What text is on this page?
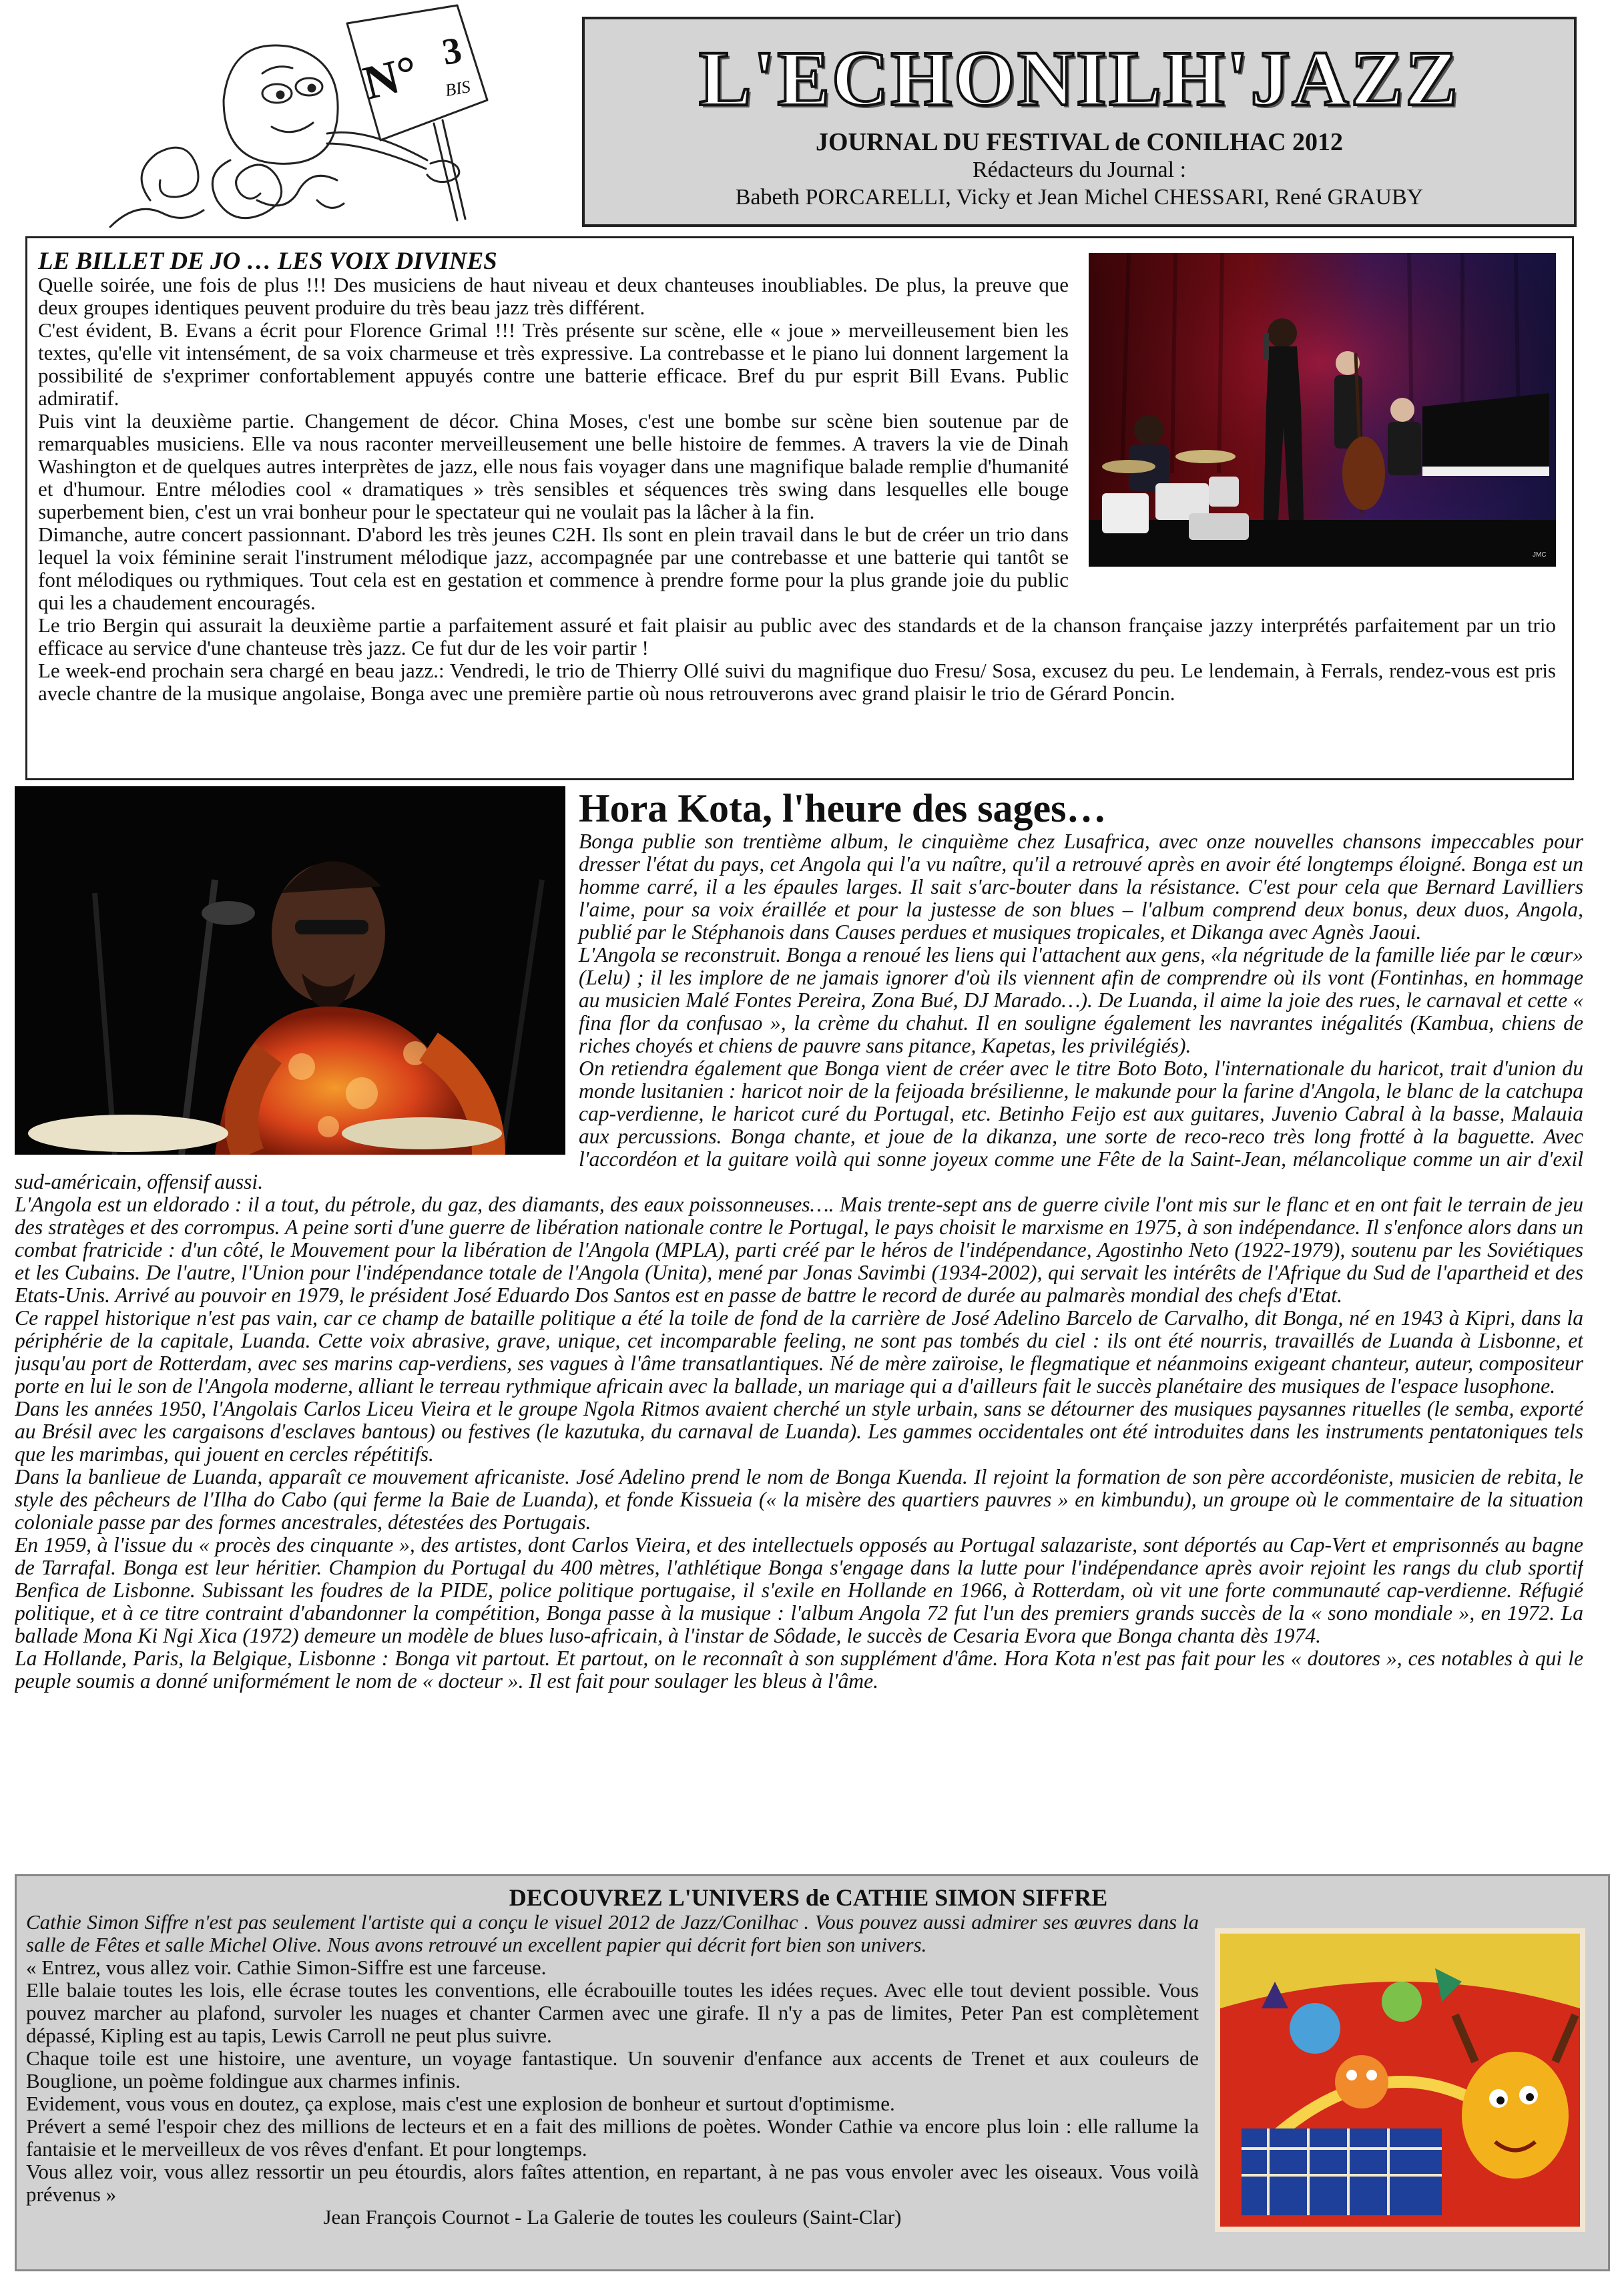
N° 3
BIS	L'ECHONILH'JAZZ
JOURNAL DU FESTIVAL de CONILHAC 2012
Rédacteurs du Journal :
Babeth PORCARELLI, Vicky et Jean Michel CHESSARI, René GRAUBY
JMC
LE BILLET DE JO … LES VOIX DIVINES

Quelle soirée, une fois de plus !!! Des musiciens de haut niveau et deux chanteuses inoubliables. De plus, la preuve que deux groupes identiques peuvent produire du très beau jazz très différent.

C'est évident, B. Evans a écrit pour Florence Grimal !!! Très présente sur scène, elle « joue » merveilleusement bien les textes, qu'elle vit intensément, de sa voix charmeuse et très expressive. La contrebasse et le piano lui donnent largement la possibilité de s'exprimer confortablement appuyés contre une batterie efficace. Bref du pur esprit Bill Evans. Public admiratif.

Puis vint la deuxième partie. Changement de décor. China Moses, c'est une bombe sur scène bien soutenue par de remarquables musiciens. Elle va nous raconter merveilleusement une belle histoire de femmes. A travers la vie de Dinah Washington et de quelques autres interprètes de jazz, elle nous fais voyager dans une magnifique balade remplie d'humanité et d'humour. Entre mélodies cool « dramatiques » très sensibles et séquences très swing dans lesquelles elle bouge superbement bien, c'est un vrai bonheur pour le spectateur qui ne voulait pas la lâcher à la fin.

Dimanche, autre concert passionnant. D'abord les très jeunes C2H. Ils sont en plein travail dans le but de créer un trio dans lequel la voix féminine serait l'instrument mélodique jazz, accompagnée par une contrebasse et une batterie qui tantôt se font mélodiques ou rythmiques. Tout cela est en gestation et commence à prendre forme pour la plus grande joie du public qui les a chaudement encouragés.

Le trio Bergin qui assurait la deuxième partie a parfaitement assuré et fait plaisir au public avec des standards et de la chanson française jazzy interprétés parfaitement par un trio efficace au service d'une chanteuse très jazz. Ce fut dur de les voir partir !

Le week-end prochain sera chargé en beau jazz.: Vendredi, le trio de Thierry Ollé suivi du magnifique duo Fresu/ Sosa, excusez du peu. Le lendemain, à Ferrals, rendez-vous est pris avecle chantre de la musique angolaise, Bonga avec une première partie où nous retrouverons avec grand plaisir le trio de Gérard Poncin.

Hora Kota, l'heure des sages…

Bonga publie son trentième album, le cinquième chez Lusafrica, avec onze nouvelles chansons impeccables pour dresser l'état du pays, cet Angola qui l'a vu naître, qu'il a retrouvé après en avoir été longtemps éloigné. Bonga est un homme carré, il a les épaules larges. Il sait s'arc-bouter dans la résistance. C'est pour cela que Bernard Lavilliers l'aime, pour sa voix éraillée et pour la justesse de son blues – l'album comprend deux bonus, deux duos, Angola, publié par le Stéphanois dans Causes perdues et musiques tropicales, et Dikanga avec Agnès Jaoui.

L'Angola se reconstruit. Bonga a renoué les liens qui l'attachent aux gens, «la négritude de la famille liée par le cœur» (Lelu) ; il les implore de ne jamais ignorer d'où ils viennent afin de comprendre où ils vont (Fontinhas, en hommage au musicien Malé Fontes Pereira, Zona Bué, DJ Marado…). De Luanda, il aime la joie des rues, le carnaval et cette « fina flor da confusao », la crème du chahut. Il en souligne également les navrantes inégalités (Kambua, chiens de riches choyés et chiens de pauvre sans pitance, Kapetas, les privilégiés).

On retiendra également que Bonga vient de créer avec le titre Boto Boto, l'internationale du haricot, trait d'union du monde lusitanien : haricot noir de la feijoada brésilienne, le makunde pour la farine d'Angola, le blanc de la catchupa cap-verdienne, le haricot curé du Portugal, etc. Betinho Feijo est aux guitares, Juvenio Cabral à la basse, Malauia aux percussions. Bonga chante, et joue de la dikanza, une sorte de reco-reco très long frotté à la baguette. Avec l'accordéon et la guitare voilà qui sonne joyeux comme une Fête de la Saint-Jean, mélancolique comme un air d'exil sud-américain, offensif aussi.

L'Angola est un eldorado : il a tout, du pétrole, du gaz, des diamants, des eaux poissonneuses…. Mais trente-sept ans de guerre civile l'ont mis sur le flanc et en ont fait le terrain de jeu des stratèges et des corrompus. A peine sorti d'une guerre de libération nationale contre le Portugal, le pays choisit le marxisme en 1975, à son indépendance. Il s'enfonce alors dans un combat fratricide : d'un côté, le Mouvement pour la libération de l'Angola (MPLA), parti créé par le héros de l'indépendance, Agostinho Neto (1922-1979), soutenu par les Soviétiques et les Cubains. De l'autre, l'Union pour l'indépendance totale de l'Angola (Unita), mené par Jonas Savimbi (1934-2002), qui servait les intérêts de l'Afrique du Sud de l'apartheid et des Etats-Unis. Arrivé au pouvoir en 1979, le président José Eduardo Dos Santos est en passe de battre le record de durée au palmarès mondial des chefs d'Etat.

Ce rappel historique n'est pas vain, car ce champ de bataille politique a été la toile de fond de la carrière de José Adelino Barcelo de Carvalho, dit Bonga, né en 1943 à Kipri, dans la périphérie de la capitale, Luanda. Cette voix abrasive, grave, unique, cet incomparable feeling, ne sont pas tombés du ciel : ils ont été nourris, travaillés de Luanda à Lisbonne, et jusqu'au port de Rotterdam, avec ses marins cap-verdiens, ses vagues à l'âme transatlantiques. Né de mère zaïroise, le flegmatique et néanmoins exigeant chanteur, auteur, compositeur porte en lui le son de l'Angola moderne, alliant le terreau rythmique africain avec la ballade, un mariage qui a d'ailleurs fait le succès planétaire des musiques de l'espace lusophone.

Dans les années 1950, l'Angolais Carlos Liceu Vieira et le groupe Ngola Ritmos avaient cherché un style urbain, sans se détourner des musiques paysannes rituelles (le semba, exporté au Brésil avec les cargaisons d'esclaves bantous) ou festives (le kazutuka, du carnaval de Luanda). Les gammes occidentales ont été introduites dans les instruments pentatoniques tels que les marimbas, qui jouent en cercles répétitifs.

Dans la banlieue de Luanda, apparaît ce mouvement africaniste. José Adelino prend le nom de Bonga Kuenda. Il rejoint la formation de son père accordéoniste, musicien de rebita, le style des pêcheurs de l'Ilha do Cabo (qui ferme la Baie de Luanda), et fonde Kissueia (« la misère des quartiers pauvres » en kimbundu), un groupe où le commentaire de la situation coloniale passe par des formes ancestrales, détestées des Portugais.

En 1959, à l'issue du « procès des cinquante », des artistes, dont Carlos Vieira, et des intellectuels opposés au Portugal salazariste, sont déportés au Cap-Vert et emprisonnés au bagne de Tarrafal. Bonga est leur héritier. Champion du Portugal du 400 mètres, l'athlétique Bonga s'engage dans la lutte pour l'indépendance après avoir rejoint les rangs du club sportif Benfica de Lisbonne. Subissant les foudres de la PIDE, police politique portugaise, il s'exile en Hollande en 1966, à Rotterdam, où vit une forte communauté cap-verdienne. Réfugié politique, et à ce titre contraint d'abandonner la compétition, Bonga passe à la musique : l'album Angola 72 fut l'un des premiers grands succès de la « sono mondiale », en 1972. La ballade Mona Ki Ngi Xica (1972) demeure un modèle de blues luso-africain, à l'instar de Sôdade, le succès de Cesaria Evora que Bonga chanta dès 1974.

La Hollande, Paris, la Belgique, Lisbonne : Bonga vit partout. Et partout, on le reconnaît à son supplément d'âme. Hora Kota n'est pas fait pour les « doutores », ces notables à qui le peuple soumis a donné uniformément le nom de « docteur ». Il est fait pour soulager les bleus à l'âme.

DECOUVREZ L'UNIVERS de CATHIE SIMON SIFFRE

Cathie Simon Siffre n'est pas seulement l'artiste qui a conçu le visuel 2012 de Jazz/Conilhac . Vous pouvez aussi admirer ses œuvres dans la salle de Fêtes et salle Michel Olive. Nous avons retrouvé un excellent papier qui décrit fort bien son univers.

« Entrez, vous allez voir. Cathie Simon-Siffre est une farceuse.

Elle balaie toutes les lois, elle écrase toutes les conventions, elle écrabouille toutes les idées reçues. Avec elle tout devient possible. Vous pouvez marcher au plafond, survoler les nuages et chanter Carmen avec une girafe. Il n'y a pas de limites, Peter Pan est complètement dépassé, Kipling est au tapis, Lewis Carroll ne peut plus suivre.

Chaque toile est une histoire, une aventure, un voyage fantastique. Un souvenir d'enfance aux accents de Trenet et aux couleurs de Bouglione, un poème foldingue aux charmes infinis.

Evidement, vous vous en doutez, ça explose, mais c'est une explosion de bonheur et surtout d'optimisme.

Prévert a semé l'espoir chez des millions de lecteurs et en a fait des millions de poètes. Wonder Cathie va encore plus loin : elle rallume la fantaisie et le merveilleux de vos rêves d'enfant. Et pour longtemps.

Vous allez voir, vous allez ressortir un peu étourdis, alors faîtes attention, en repartant, à ne pas vous envoler avec les oiseaux. Vous voilà prévenus »

Jean François Cournot - La Galerie de toutes les couleurs (Saint-Clar)
